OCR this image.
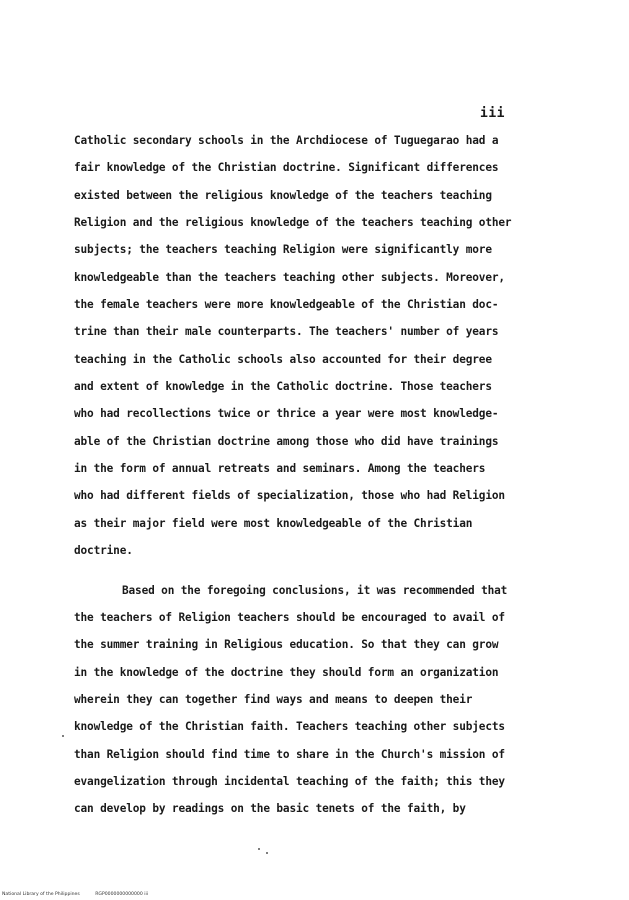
iii
Catholic secondary schools in the Archdiocese of Tuguegarao had a
fair knowledge of the Christian doctrine. Significant differences
existed between the religious knowledge of the teachers teaching
Religion and the religious knowledge of the teachers teaching other
subjects; the teachers teaching Religion were significantly more
knowledgeable than the teachers teaching other subjects. Moreover,
the female teachers were more knowledgeable of the Christian doc-
trine than their male counterparts. The teachers' number of years
teaching in the Catholic schools also accounted for their degree
and extent of knowledge in the Catholic doctrine. Those teachers
who had recollections twice or thrice a year were most knowledge-
able of the Christian doctrine among those who did have trainings
in the form of annual retreats and seminars. Among the teachers
who had different fields of specialization, those who had Religion
as their major field were most knowledgeable of the Christian
doctrine.
Based on the foregoing conclusions, it was recommended that
the teachers of Religion teachers should be encouraged to avail of
the summer training in Religious education. So that they can grow
in the knowledge of the doctrine they should form an organization
wherein they can together find ways and means to deepen their
knowledge of the Christian faith. Teachers teaching other subjects
than Religion should find time to share in the Church's mission of
evangelization through incidental teaching of the faith; this they
can develop by readings on the basic tenets of the faith, by
National Library of the Philippines	RGP0000000000000 iii
